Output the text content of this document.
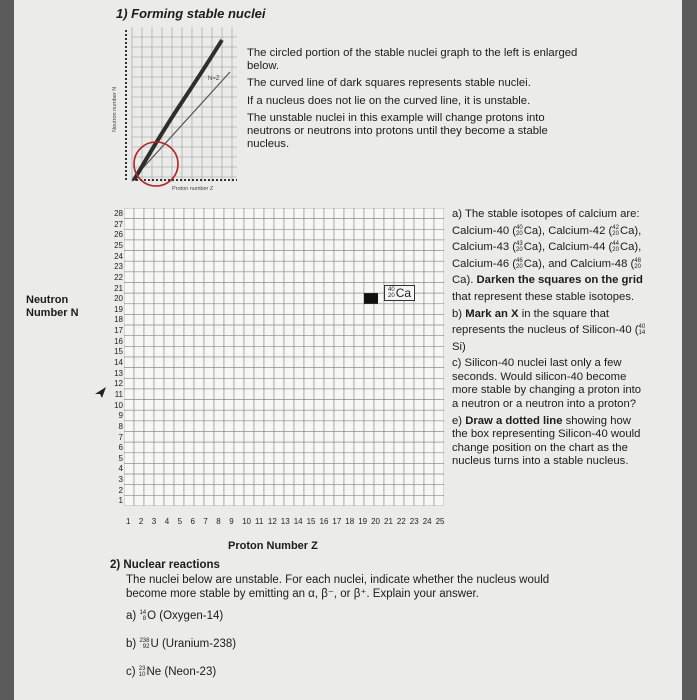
1) Forming stable nuclei
N=Z
Proton number Z
Neutron number N

The circled portion of the stable nuclei graph to the left is enlarged below.

The curved line of dark squares represents stable nuclei.

If a nucleus does not lie on the curved line, it is unstable.

The unstable nuclei in this example will change protons into neutrons or neutrons into protons until they become a stable nucleus.

Neutron
Number N
28
27
26
25
24
23
22
21
20
19
18
17
16
15
14
13
12
11
10
9
8
7
6
5
4
3
2
1
1 2 3 4 5 6 7 8 9 10 11 12 13 14 15 16 17 18 19 20 21 22 23 24 25
40
20 Ca
Proton Number Z

a) The stable isotopes of calcium are: Calcium-40 ( 40
20 Ca), Calcium-42 ( 42
20 Ca), Calcium-43 ( 43
20 Ca), Calcium-44 ( 44
20 Ca), Calcium-46 ( 46
20 Ca), and Calcium-48 ( 48
20
Ca). Darken the squares on the grid that represent these stable isotopes.

b) Mark an X in the square that represents the nucleus of Silicon-40 ( 40
14
Si)

c) Silicon-40 nuclei last only a few seconds. Would silicon-40 become more stable by changing a proton into a neutron or a neutron into a proton?

e) Draw a dotted line showing how the box representing Silicon-40 would change position on the chart as the nucleus turns into a stable nucleus.

2) Nuclear reactions
The nuclei below are unstable. For each nuclei, indicate whether the nucleus would become more stable by emitting an α, β⁻, or β⁺. Explain your answer.
a) 14
8 O (Oxygen-14)
b) 238
92 U (Uranium-238)
c) 23
10 Ne (Neon-23)
